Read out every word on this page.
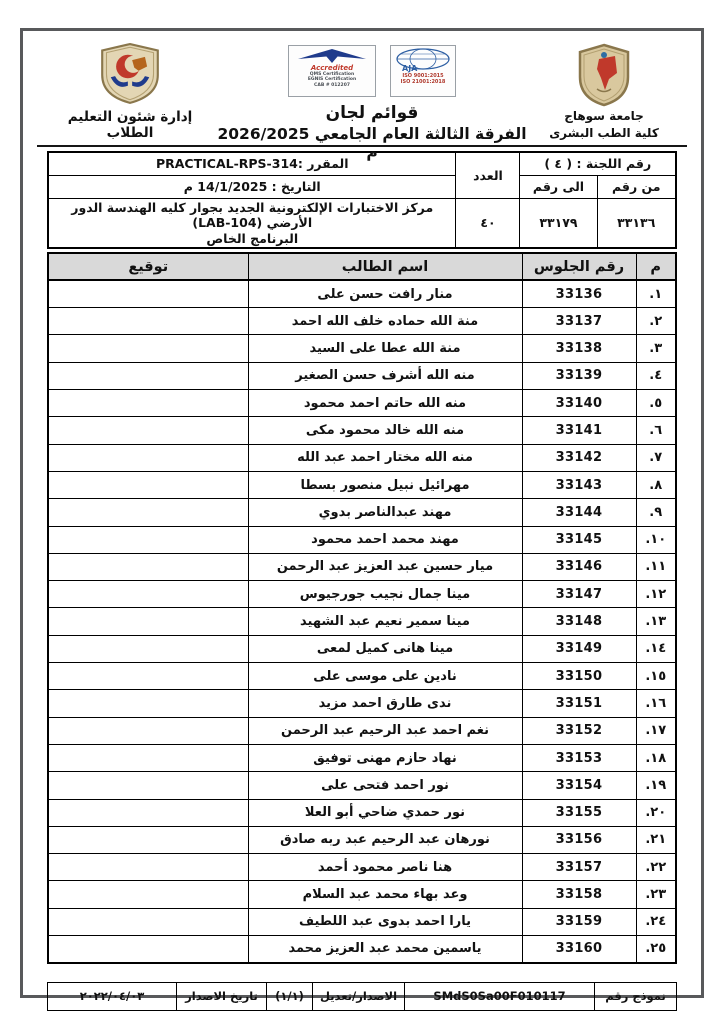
جامعة سوهاج
كلية الطب البشرى
Accredited
QMS Certification
EGNIS Certification
CAB # 012207
AJA
ISO 9001:2015
ISO 21001:2018
قوائم لجان
الفرقة الثالثة العام الجامعي 2026/2025 م
إدارة شئون التعليم الطلاب
رقم اللجنة : ( ٤ )		العدد	المقرر :PRACTICAL-RPS-314
من رقم	الى رقم		التاريخ : 14/1/2025 م
٣٣١٣٦	٣٣١٧٩	٤٠	مركز الاختبارات الإلكترونية الجديد بجوار كليه الهندسة الدور الأرضي (LAB-104)
البرنامج الخاص
م	رقم الجلوس	اسم الطالب	توقيع
١.	33136	منار رافت حسن على	
٢.	33137	منة الله حماده خلف الله احمد	
٣.	33138	منة الله عطا على السيد	
٤.	33139	منه الله أشرف حسن الصغير	
٥.	33140	منه الله حاتم احمد محمود	
٦.	33141	منه الله خالد محمود مكى	
٧.	33142	منه الله مختار احمد عبد الله	
٨.	33143	مهرائيل نبيل منصور بسطا	
٩.	33144	مهند عبدالناصر بدوي	
١٠.	33145	مهند محمد احمد محمود	
١١.	33146	ميار حسين عبد العزيز عبد الرحمن	
١٢.	33147	مينا جمال نجيب جورجيوس	
١٣.	33148	مينا سمير نعيم عبد الشهيد	
١٤.	33149	مينا هانى كميل لمعى	
١٥.	33150	نادين على موسى على	
١٦.	33151	ندى طارق احمد مزيد	
١٧.	33152	نغم احمد عبد الرحيم عبد الرحمن	
١٨.	33153	نهاد حازم مهنى توفيق	
١٩.	33154	نور احمد فتحى على	
٢٠.	33155	نور حمدي ضاحي أبو العلا	
٢١.	33156	نورهان عبد الرحيم عبد ربه صادق	
٢٢.	33157	هنا ناصر محمود أحمد	
٢٣.	33158	وعد بهاء محمد عبد السلام	
٢٤.	33159	يارا احمد بدوى عبد اللطيف	
٢٥.	33160	ياسمين محمد عبد العزيز محمد	
نموذج رقم	SMdS0Sa00F010117	الاصدار/تعديل	(١/١)	تاريخ الاصدار	٢٠٢٢/٠٤/٠٣
